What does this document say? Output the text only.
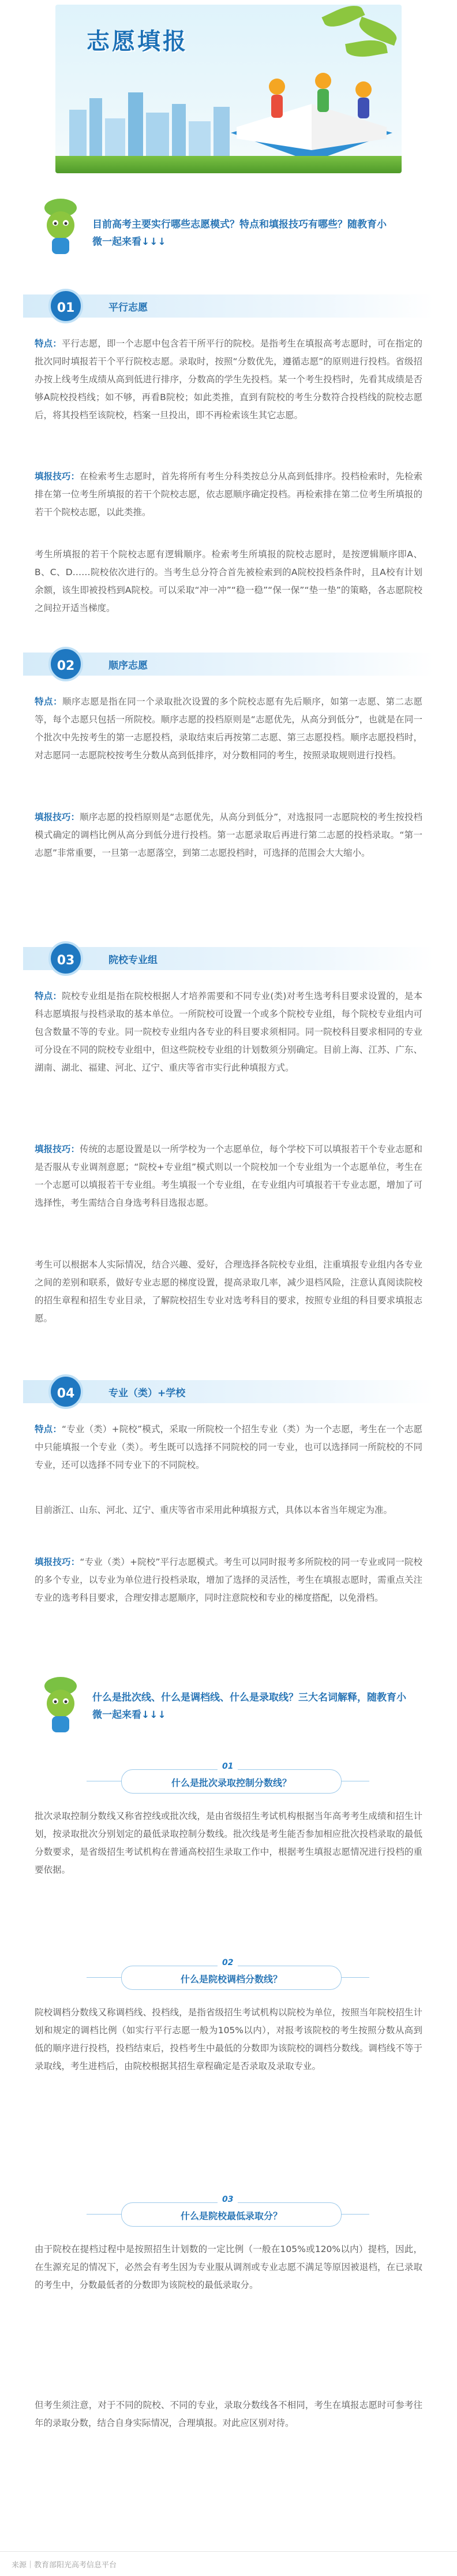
志愿填报
目前高考主要实行哪些志愿模式？特点和填报技巧有哪些？随教育小微一起来看↓↓↓
01	平行志愿
特点：平行志愿，即一个志愿中包含若干所平行的院校。是指考生在填报高考志愿时，可在指定的批次同时填报若干个平行院校志愿。录取时，按照“分数优先，遵循志愿”的原则进行投档。省级招办按上线考生成绩从高到低进行排序，分数高的学生先投档。某一个考生投档时，先看其成绩是否够A院校投档线；如不够，再看B院校；如此类推，直到有院校的考生分数符合投档线的院校志愿后，将其投档至该院校，档案一旦投出，即不再检索该生其它志愿。
填报技巧：在检索考生志愿时，首先将所有考生分科类按总分从高到低排序。投档检索时，先检索排在第一位考生所填报的若干个院校志愿，依志愿顺序确定投档。再检索排在第二位考生所填报的若干个院校志愿，以此类推。
考生所填报的若干个院校志愿有逻辑顺序。检索考生所填报的院校志愿时，是按逻辑顺序即A、B、C、D……院校依次进行的。当考生总分符合首先被检索到的A院校投档条件时，且A校有计划余额，该生即被投档到A院校。可以采取“冲一冲”“稳一稳”“保一保”“垫一垫”的策略，各志愿院校之间拉开适当梯度。
02	顺序志愿
特点：顺序志愿是指在同一个录取批次设置的多个院校志愿有先后顺序，如第一志愿、第二志愿等，每个志愿只包括一所院校。顺序志愿的投档原则是“志愿优先，从高分到低分”，也就是在同一个批次中先按考生的第一志愿投档，录取结束后再按第二志愿、第三志愿投档。顺序志愿投档时，对志愿同一志愿院校按考生分数从高到低排序，对分数相同的考生，按照录取规则进行投档。
填报技巧：顺序志愿的投档原则是“志愿优先，从高分到低分”，对选报同一志愿院校的考生按投档模式确定的调档比例从高分到低分进行投档。第一志愿录取后再进行第二志愿的投档录取。“第一志愿”非常重要，一旦第一志愿落空，到第二志愿投档时，可选择的范围会大大缩小。
03	院校专业组
特点：院校专业组是指在院校根据人才培养需要和不同专业(类)对考生选考科目要求设置的，是本科志愿填报与投档录取的基本单位。一所院校可设置一个或多个院校专业组，每个院校专业组内可包含数量不等的专业。同一院校专业组内各专业的科目要求须相同。同一院校科目要求相同的专业可分设在不同的院校专业组中，但这些院校专业组的计划数须分别确定。目前上海、江苏、广东、湖南、湖北、福建、河北、辽宁、重庆等省市实行此种填报方式。
填报技巧：传统的志愿设置是以一所学校为一个志愿单位，每个学校下可以填报若干个专业志愿和是否服从专业调剂意愿；“院校+专业组”模式则以一个院校加一个专业组为一个志愿单位，考生在一个志愿可以填报若干专业组。考生填报一个专业组，在专业组内可填报若干专业志愿，增加了可选择性，考生需结合自身选考科目选报志愿。
考生可以根据本人实际情况，结合兴趣、爱好，合理选择各院校专业组，注重填报专业组内各专业之间的差别和联系，做好专业志愿的梯度设置，提高录取几率，减少退档风险，注意认真阅读院校的招生章程和招生专业目录，了解院校招生专业对选考科目的要求，按照专业组的科目要求填报志愿。
04	专业（类）+学校
特点：“专业（类）+院校”模式，采取一所院校一个招生专业（类）为一个志愿，考生在一个志愿中只能填报一个专业（类）。考生既可以选择不同院校的同一专业，也可以选择同一所院校的不同专业，还可以选择不同专业下的不同院校。
目前浙江、山东、河北、辽宁、重庆等省市采用此种填报方式，具体以本省当年规定为准。
填报技巧：“专业（类）+院校”平行志愿模式。考生可以同时报考多所院校的同一专业或同一院校的多个专业，以专业为单位进行投档录取，增加了选择的灵活性，考生在填报志愿时，需重点关注专业的选考科目要求，合理安排志愿顺序，同时注意院校和专业的梯度搭配，以免滑档。
什么是批次线、什么是调档线、什么是录取线？三大名词解释，随教育小微一起来看↓↓↓
01
什么是批次录取控制分数线？
批次录取控制分数线又称省控线或批次线，是由省级招生考试机构根据当年高考考生成绩和招生计划，按录取批次分别划定的最低录取控制分数线。批次线是考生能否参加相应批次投档录取的最低分数要求，是省级招生考试机构在普通高校招生录取工作中，根据考生填报志愿情况进行投档的重要依据。
02
什么是院校调档分数线？
院校调档分数线又称调档线、投档线，是指省级招生考试机构以院校为单位，按照当年院校招生计划和规定的调档比例（如实行平行志愿一般为105%以内），对报考该院校的考生按照分数从高到低的顺序进行投档，投档结束后，投档考生中最低的分数即为该院校的调档分数线。调档线不等于录取线，考生进档后，由院校根据其招生章程确定是否录取及录取专业。
03
什么是院校最低录取分？
由于院校在提档过程中是按照招生计划数的一定比例（一般在105%或120%以内）提档，因此，在生源充足的情况下，必然会有考生因为专业服从调剂或专业志愿不满足等原因被退档，在已录取的考生中，分数最低者的分数即为该院校的最低录取分。
但考生须注意，对于不同的院校、不同的专业，录取分数线各不相同，考生在填报志愿时可参考往年的录取分数，结合自身实际情况，合理填报。对此应区别对待。
来源｜教育部阳光高考信息平台
